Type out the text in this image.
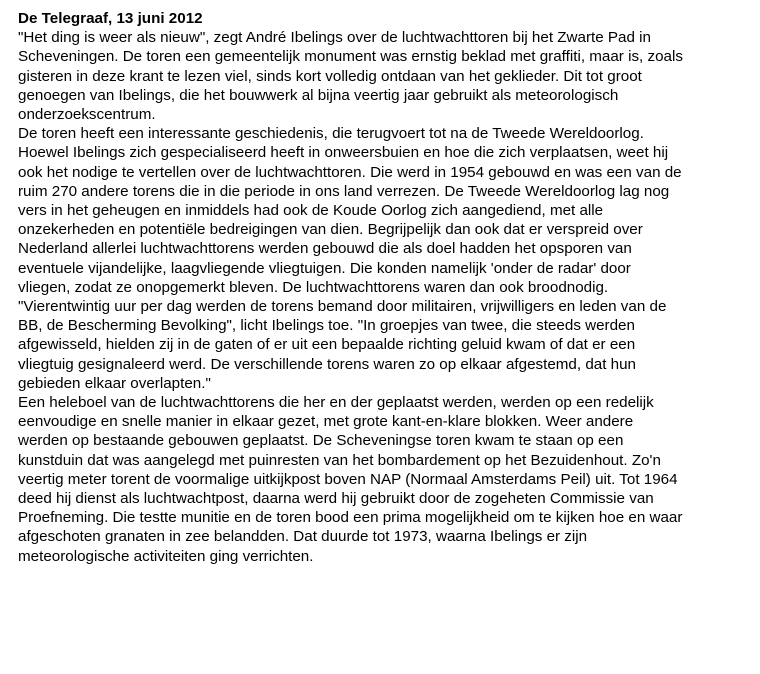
De Telegraaf, 13 juni 2012
"Het ding is weer als nieuw", zegt André Ibelings over de luchtwachttoren bij het Zwarte Pad in
Scheveningen. De toren een gemeentelijk monument was ernstig beklad met graffiti, maar is, zoals
gisteren in deze krant te lezen viel, sinds kort volledig ontdaan van het geklieder. Dit tot groot
genoegen van Ibelings, die het bouwwerk al bijna veertig jaar gebruikt als meteorologisch
onderzoekscentrum.
De toren heeft een interessante geschiedenis, die terugvoert tot na de Tweede Wereldoorlog.
Hoewel Ibelings zich gespecialiseerd heeft in onweersbuien en hoe die zich verplaatsen, weet hij
ook het nodige te vertellen over de luchtwachttoren. Die werd in 1954 gebouwd en was een van de
ruim 270 andere torens die in die periode in ons land verrezen. De Tweede Wereldoorlog lag nog
vers in het geheugen en inmiddels had ook de Koude Oorlog zich aangediend, met alle
onzekerheden en potentiële bedreigingen van dien. Begrijpelijk dan ook dat er verspreid over
Nederland allerlei luchtwachttorens werden gebouwd die als doel hadden het opsporen van
eventuele vijandelijke, laagvliegende vliegtuigen. Die konden namelijk 'onder de radar' door
vliegen, zodat ze onopgemerkt bleven. De luchtwachttorens waren dan ook broodnodig.
"Vierentwintig uur per dag werden de torens bemand door militairen, vrijwilligers en leden van de
BB, de Bescherming Bevolking", licht Ibelings toe. "In groepjes van twee, die steeds werden
afgewisseld, hielden zij in de gaten of er uit een bepaalde richting geluid kwam of dat er een
vliegtuig gesignaleerd werd. De verschillende torens waren zo op elkaar afgestemd, dat hun
gebieden elkaar overlapten."
Een heleboel van de luchtwachttorens die her en der geplaatst werden, werden op een redelijk
eenvoudige en snelle manier in elkaar gezet, met grote kant-en-klare blokken. Weer andere
werden op bestaande gebouwen geplaatst. De Scheveningse toren kwam te staan op een
kunstduin dat was aangelegd met puinresten van het bombardement op het Bezuidenhout. Zo'n
veertig meter torent de voormalige uitkijkpost boven NAP (Normaal Amsterdams Peil) uit. Tot 1964
deed hij dienst als luchtwachtpost, daarna werd hij gebruikt door de zogeheten Commissie van
Proefneming. Die testte munitie en de toren bood een prima mogelijkheid om te kijken hoe en waar
afgeschoten granaten in zee belandden. Dat duurde tot 1973, waarna Ibelings er zijn
meteorologische activiteiten ging verrichten.
